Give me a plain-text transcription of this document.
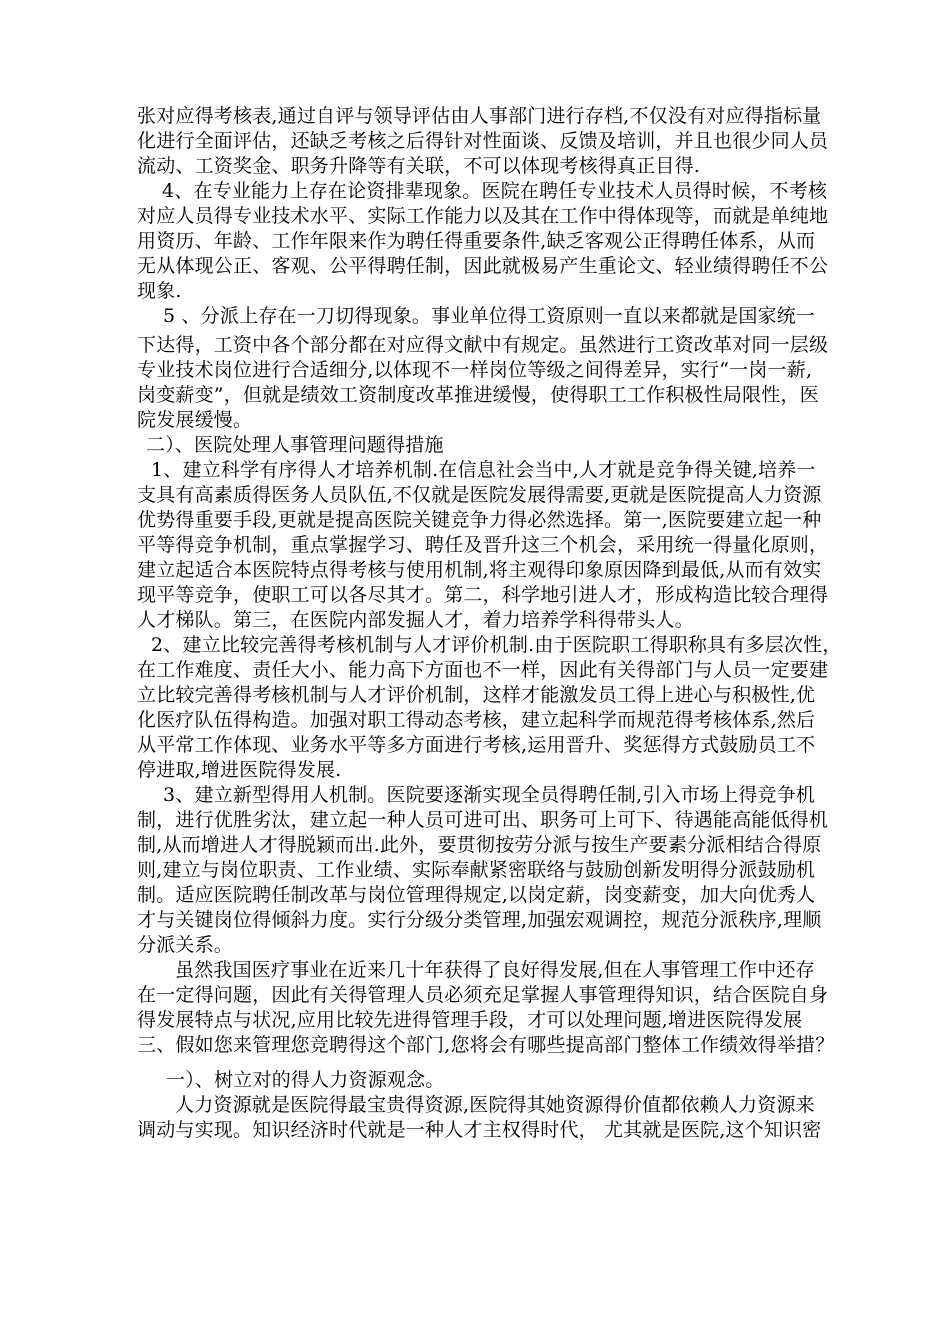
张对应得考核表,通过自评与领导评估由人事部门进行存档,不仅没有对应得指标量
化进行全面评估，还缺乏考核之后得针对性面谈、反馈及培训，并且也很少同人员
流动、工资奖金、职务升降等有关联，不可以体现考核得真正目得.
4、在专业能力上存在论资排辈现象。医院在聘任专业技术人员得时候，不考核
对应人员得专业技术水平、实际工作能力以及其在工作中得体现等，而就是单纯地
用资历、年龄、工作年限来作为聘任得重要条件,缺乏客观公正得聘任体系，从而
无从体现公正、客观、公平得聘任制，因此就极易产生重论文、轻业绩得聘任不公
现象.
5 、分派上存在一刀切得现象。事业单位得工资原则一直以来都就是国家统一
下达得，工资中各个部分都在对应得文献中有规定。虽然进行工资改革对同一层级
专业技术岗位进行合适细分,以体现不一样岗位等级之间得差异，实行“一岗一薪,
岗变薪变”，但就是绩效工资制度改革推进缓慢，使得职工工作积极性局限性，医
院发展缓慢。
二）、医院处理人事管理问题得措施
1、建立科学有序得人才培养机制.在信息社会当中,人才就是竞争得关键,培养一
支具有高素质得医务人员队伍,不仅就是医院发展得需要,更就是医院提高人力资源
优势得重要手段,更就是提高医院关键竞争力得必然选择。第一,医院要建立起一种
平等得竞争机制，重点掌握学习、聘任及晋升这三个机会，采用统一得量化原则，
建立起适合本医院特点得考核与使用机制,将主观得印象原因降到最低,从而有效实
现平等竞争，使职工可以各尽其才。第二，科学地引进人才，形成构造比较合理得
人才梯队。第三，在医院内部发掘人才，着力培养学科得带头人。
2、建立比较完善得考核机制与人才评价机制.由于医院职工得职称具有多层次性，
在工作难度、责任大小、能力高下方面也不一样，因此有关得部门与人员一定要建
立比较完善得考核机制与人才评价机制，这样才能激发员工得上进心与积极性,优
化医疗队伍得构造。加强对职工得动态考核，建立起科学而规范得考核体系,然后
从平常工作体现、业务水平等多方面进行考核,运用晋升、奖惩得方式鼓励员工不
停进取,增进医院得发展.
3、建立新型得用人机制。医院要逐渐实现全员得聘任制,引入市场上得竞争机
制，进行优胜劣汰，建立起一种人员可进可出、职务可上可下、待遇能高能低得机
制,从而增进人才得脱颖而出.此外，要贯彻按劳分派与按生产要素分派相结合得原
则,建立与岗位职责、工作业绩、实际奉献紧密联络与鼓励创新发明得分派鼓励机
制。适应医院聘任制改革与岗位管理得规定,以岗定薪，岗变薪变，加大向优秀人
才与关键岗位得倾斜力度。实行分级分类管理,加强宏观调控，规范分派秩序,理顺
分派关系。
虽然我国医疗事业在近来几十年获得了良好得发展,但在人事管理工作中还存
在一定得问题，因此有关得管理人员必须充足掌握人事管理得知识，结合医院自身
得发展特点与状况,应用比较先进得管理手段，才可以处理问题,增进医院得发展
三、假如您来管理您竞聘得这个部门,您将会有哪些提高部门整体工作绩效得举措？
一）、树立对的得人力资源观念。
人力资源就是医院得最宝贵得资源,医院得其她资源得价值都依赖人力资源来
调动与实现。知识经济时代就是一种人才主权得时代， 尤其就是医院,这个知识密
